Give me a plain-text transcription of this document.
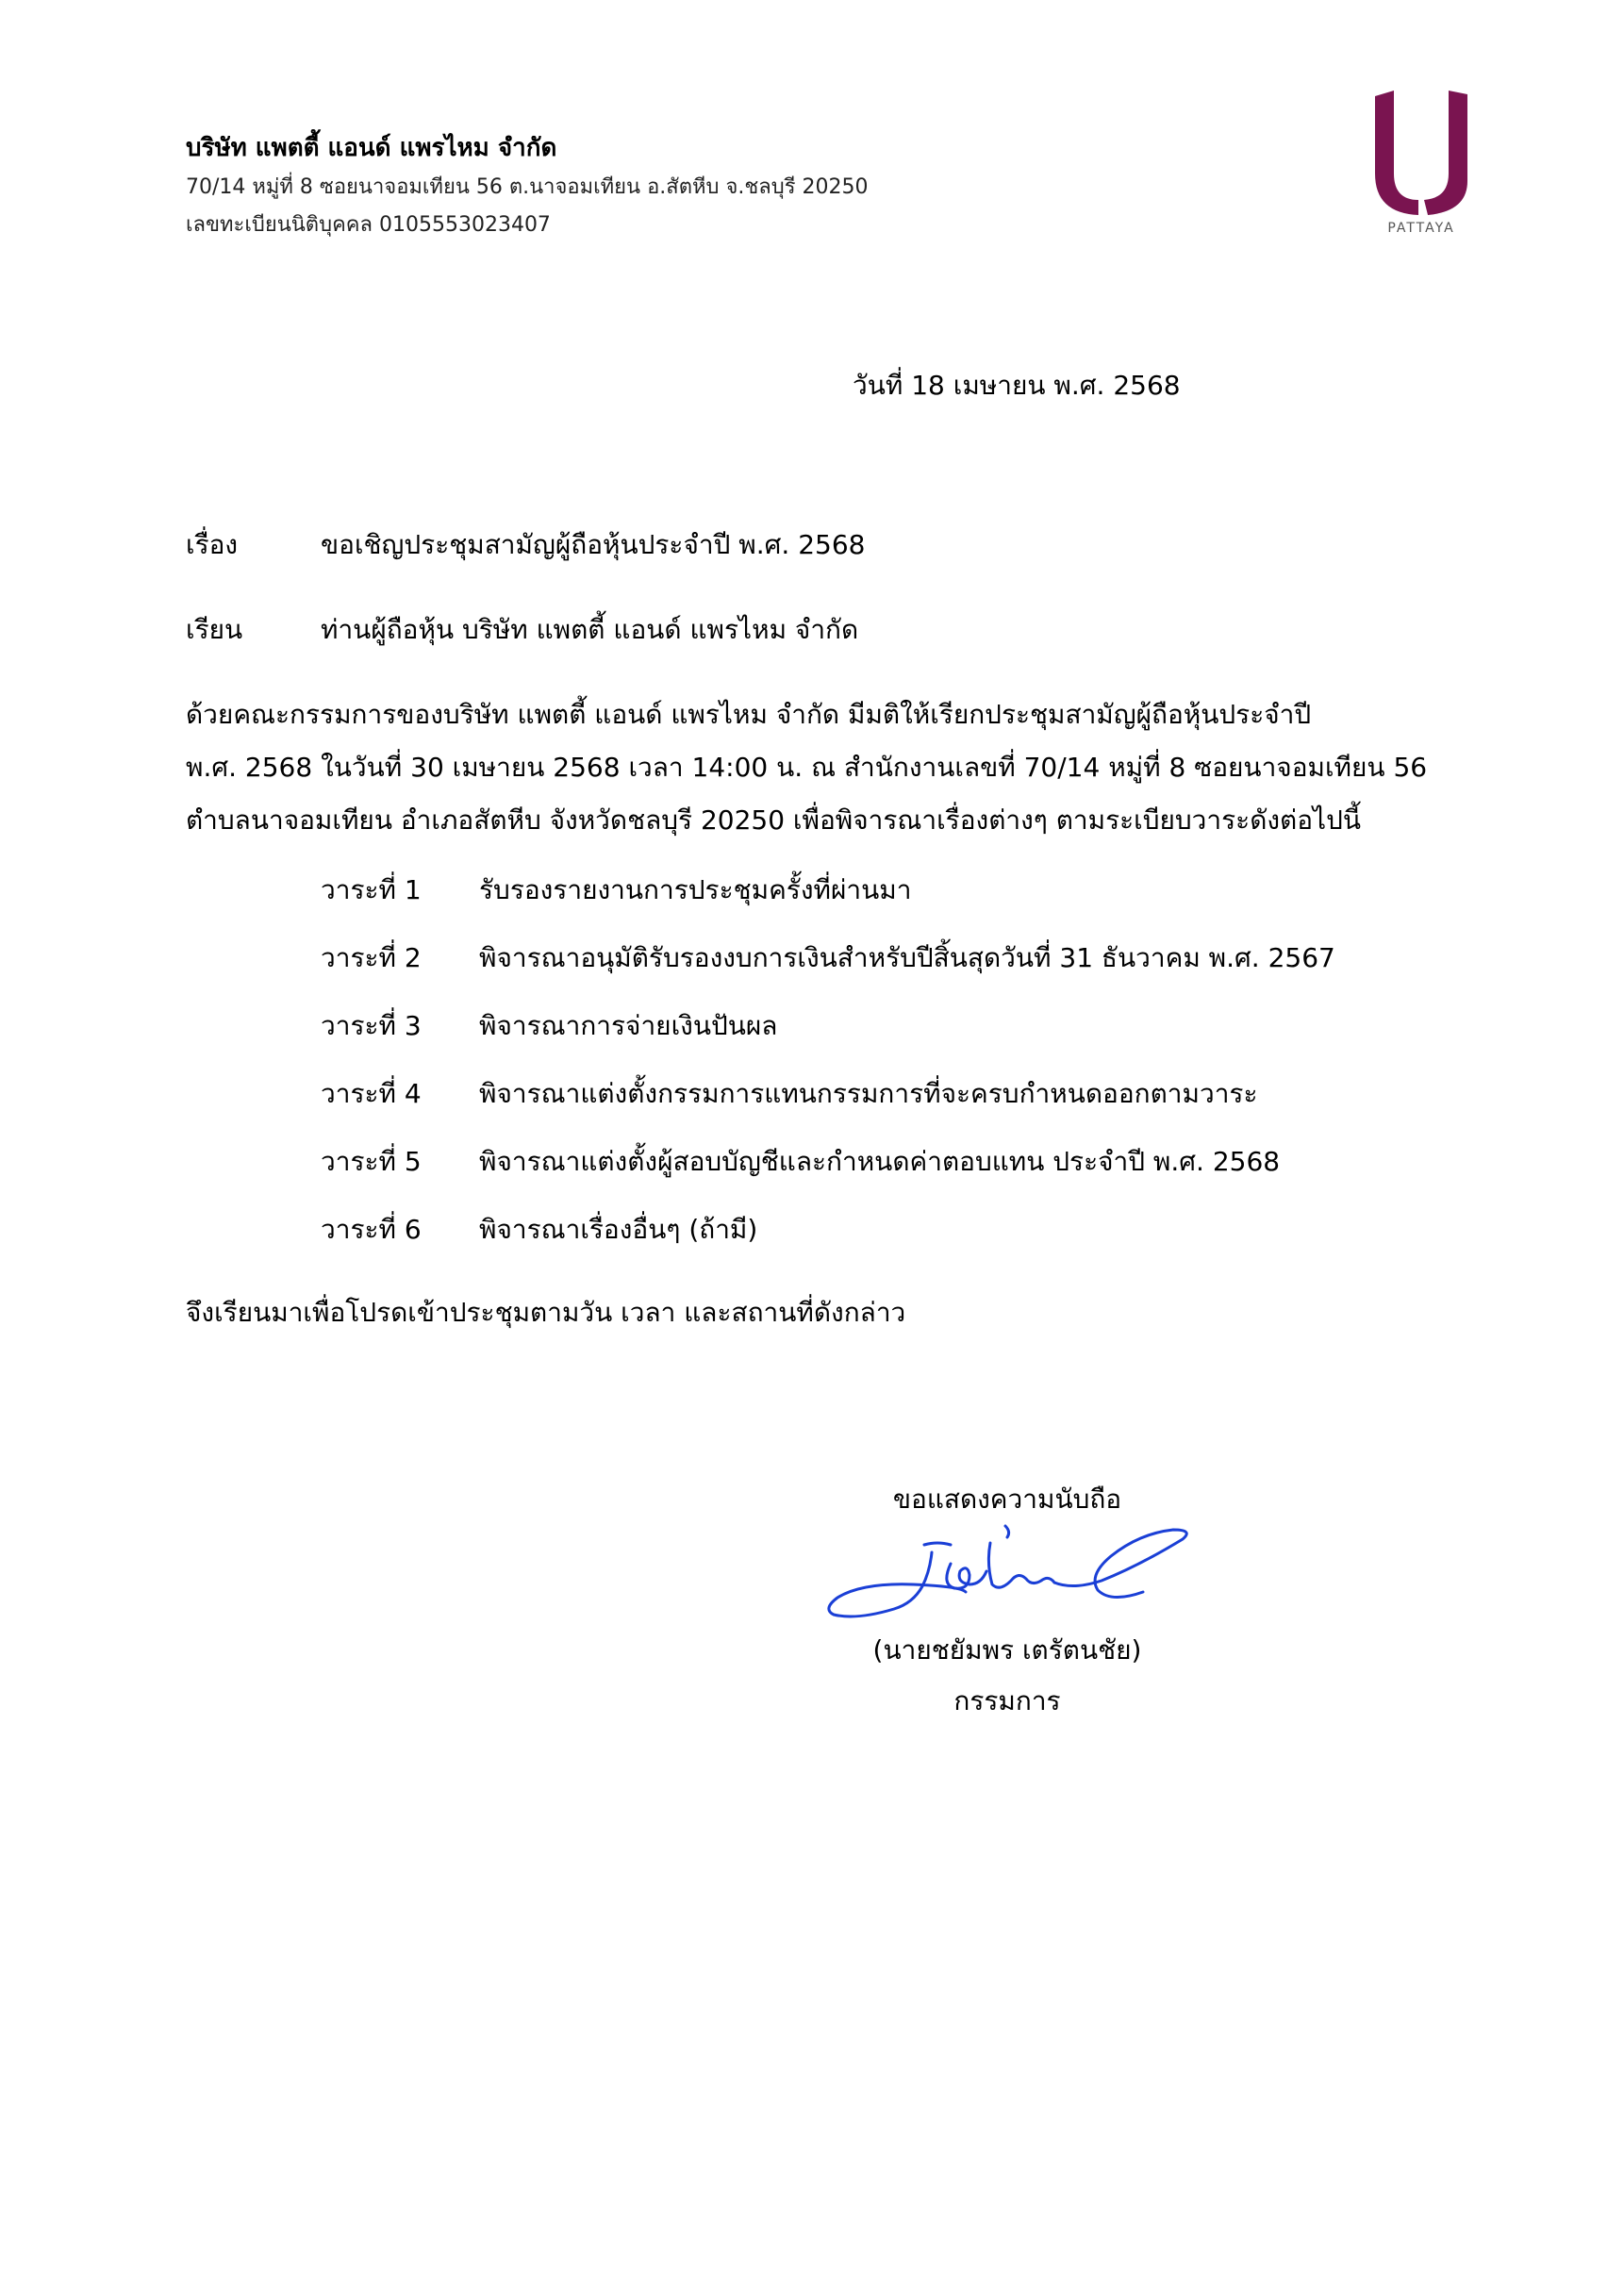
บริษัท แพตตี้ แอนด์ แพรไหม จำกัด
70/14 หมู่ที่ 8 ซอยนาจอมเทียน 56 ต.นาจอมเทียน อ.สัตหีบ จ.ชลบุรี 20250
เลขทะเบียนนิติบุคคล 0105553023407	PATTAYA
วันที่ 18 เมษายน พ.ศ. 2568
เรื่อง	ขอเชิญประชุมสามัญผู้ถือหุ้นประจำปี พ.ศ. 2568
เรียน	ท่านผู้ถือหุ้น บริษัท แพตตี้ แอนด์ แพรไหม จำกัด
ด้วยคณะกรรมการของบริษัท แพตตี้ แอนด์ แพรไหม จำกัด มีมติให้เรียกประชุมสามัญผู้ถือหุ้นประจำปี
พ.ศ. 2568 ในวันที่ 30 เมษายน 2568 เวลา 14:00 น. ณ สำนักงานเลขที่ 70/14 หมู่ที่ 8 ซอยนาจอมเทียน 56
ตำบลนาจอมเทียน อำเภอสัตหีบ จังหวัดชลบุรี 20250 เพื่อพิจารณาเรื่องต่างๆ ตามระเบียบวาระดังต่อไปนี้
วาระที่ 1 รับรองรายงานการประชุมครั้งที่ผ่านมา
วาระที่ 2 พิจารณาอนุมัติรับรองงบการเงินสำหรับปีสิ้นสุดวันที่ 31 ธันวาคม พ.ศ. 2567
วาระที่ 3 พิจารณาการจ่ายเงินปันผล
วาระที่ 4 พิจารณาแต่งตั้งกรรมการแทนกรรมการที่จะครบกำหนดออกตามวาระ
วาระที่ 5 พิจารณาแต่งตั้งผู้สอบบัญชีและกำหนดค่าตอบแทน ประจำปี พ.ศ. 2568
วาระที่ 6 พิจารณาเรื่องอื่นๆ (ถ้ามี)
จึงเรียนมาเพื่อโปรดเข้าประชุมตามวัน เวลา และสถานที่ดังกล่าว
ขอแสดงความนับถือ
(นายชยัมพร เตรัตนชัย)
กรรมการ
